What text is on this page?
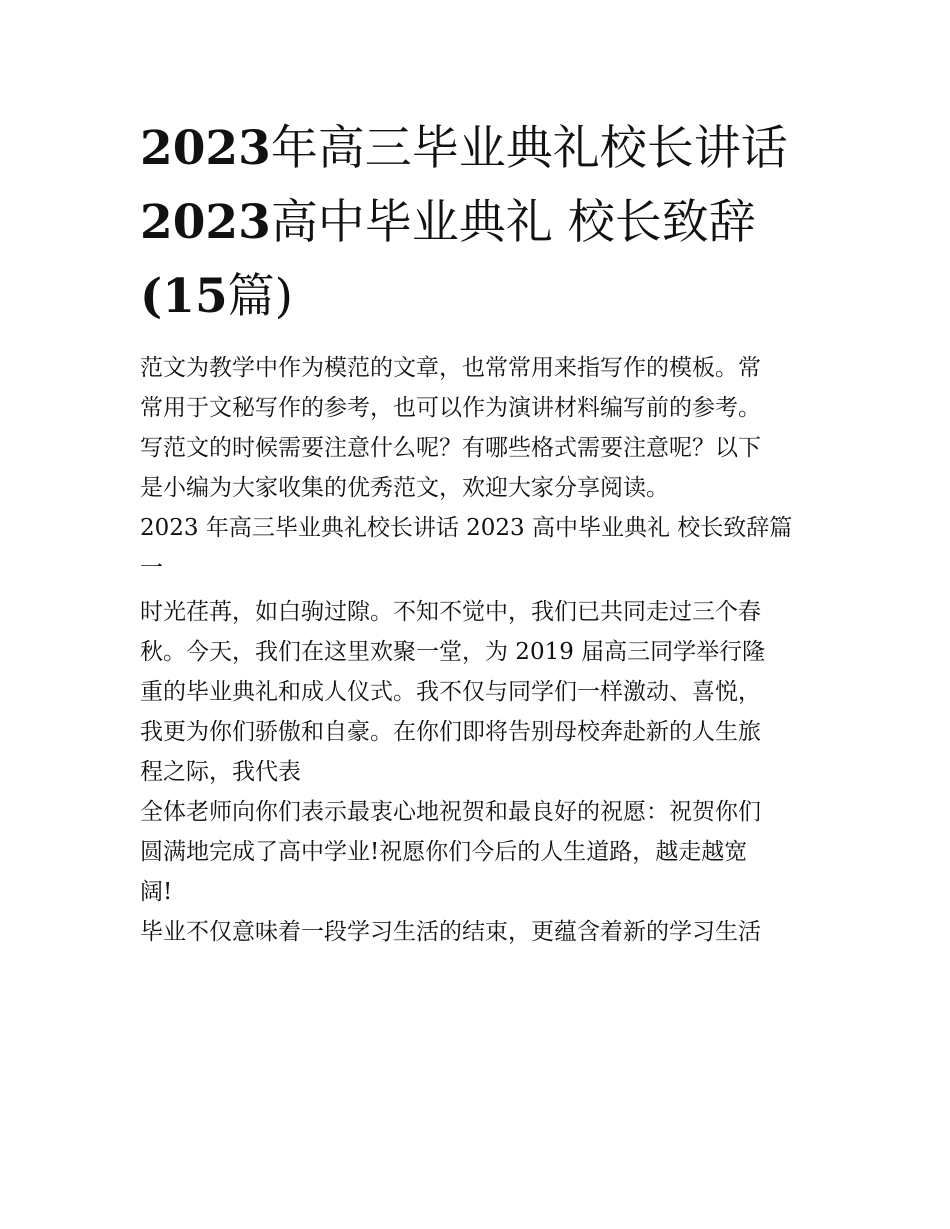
2023年高三毕业典礼校长讲话
2023高中毕业典礼 校长致辞
(15篇)

范文为教学中作为模范的文章，也常常用来指写作的模板。常
常用于文秘写作的参考，也可以作为演讲材料编写前的参考。
写范文的时候需要注意什么呢？有哪些格式需要注意呢？以下
是小编为大家收集的优秀范文，欢迎大家分享阅读。

2023 年高三毕业典礼校长讲话 2023 高中毕业典礼 校长致辞篇
一

时光荏苒，如白驹过隙。不知不觉中，我们已共同走过三个春
秋。今天，我们在这里欢聚一堂，为 2019 届高三同学举行隆
重的毕业典礼和成人仪式。我不仅与同学们一样激动、喜悦，
我更为你们骄傲和自豪。在你们即将告别母校奔赴新的人生旅
程之际，我代表

全体老师向你们表示最衷心地祝贺和最良好的祝愿：祝贺你们
圆满地完成了高中学业!祝愿你们今后的人生道路，越走越宽
阔!

毕业不仅意味着一段学习生活的结束，更蕴含着新的学习生活
